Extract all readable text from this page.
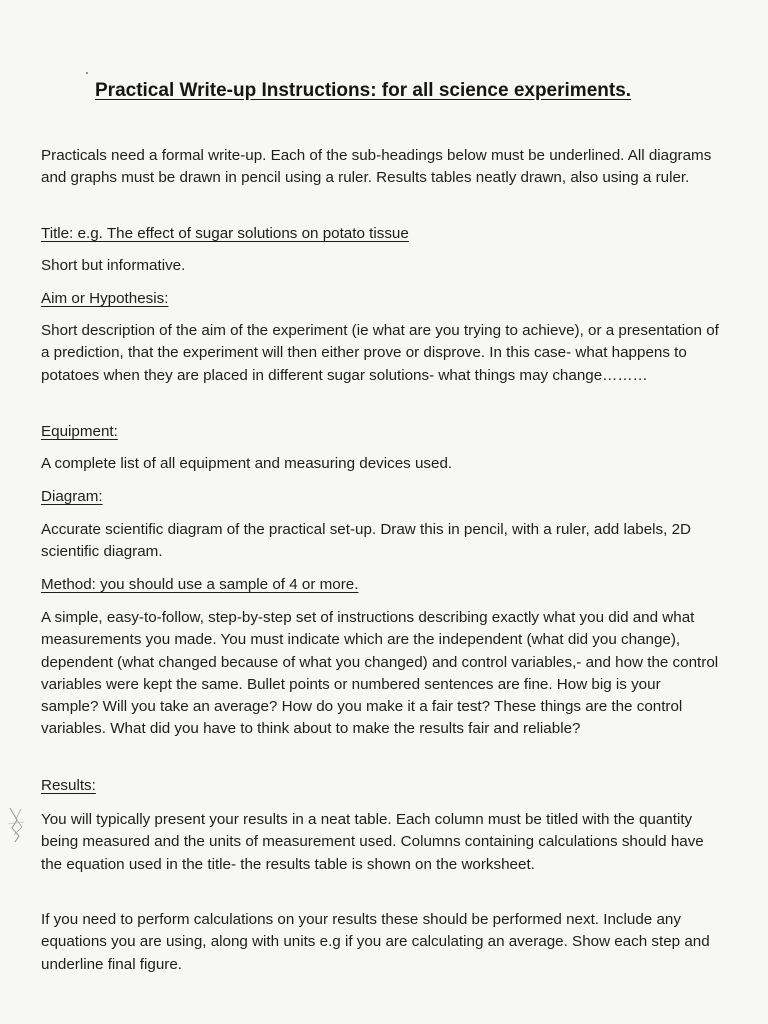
Practical Write-up Instructions: for all science experiments.
Practicals need a formal write-up. Each of the sub-headings below must be underlined. All diagrams and graphs must be drawn in pencil using a ruler. Results tables neatly drawn, also using a ruler.
Title: e.g. The effect of sugar solutions on potato tissue
Short but informative.
Aim or Hypothesis:
Short description of the aim of the experiment (ie what are you trying to achieve), or a presentation of a prediction, that the experiment will then either prove or disprove. In this case- what happens to potatoes when they are placed in different sugar solutions- what things may change………
Equipment:
A complete list of all equipment and measuring devices used.
Diagram:
Accurate scientific diagram of the practical set-up. Draw this in pencil, with a ruler, add labels, 2D scientific diagram.
Method: you should use a sample of 4 or more.
A simple, easy-to-follow, step-by-step set of instructions describing exactly what you did and what measurements you made. You must indicate which are the independent (what did you change), dependent (what changed because of what you changed) and control variables,- and how the control variables were kept the same. Bullet points or numbered sentences are fine. How big is your sample? Will you take an average? How do you make it a fair test? These things are the control variables. What did you have to think about to make the results fair and reliable?
Results:
You will typically present your results in a neat table. Each column must be titled with the quantity being measured and the units of measurement used. Columns containing calculations should have the equation used in the title- the results table is shown on the worksheet.
If you need to perform calculations on your results these should be performed next. Include any equations you are using, along with units e.g if you are calculating an average. Show each step and underline final figure.
